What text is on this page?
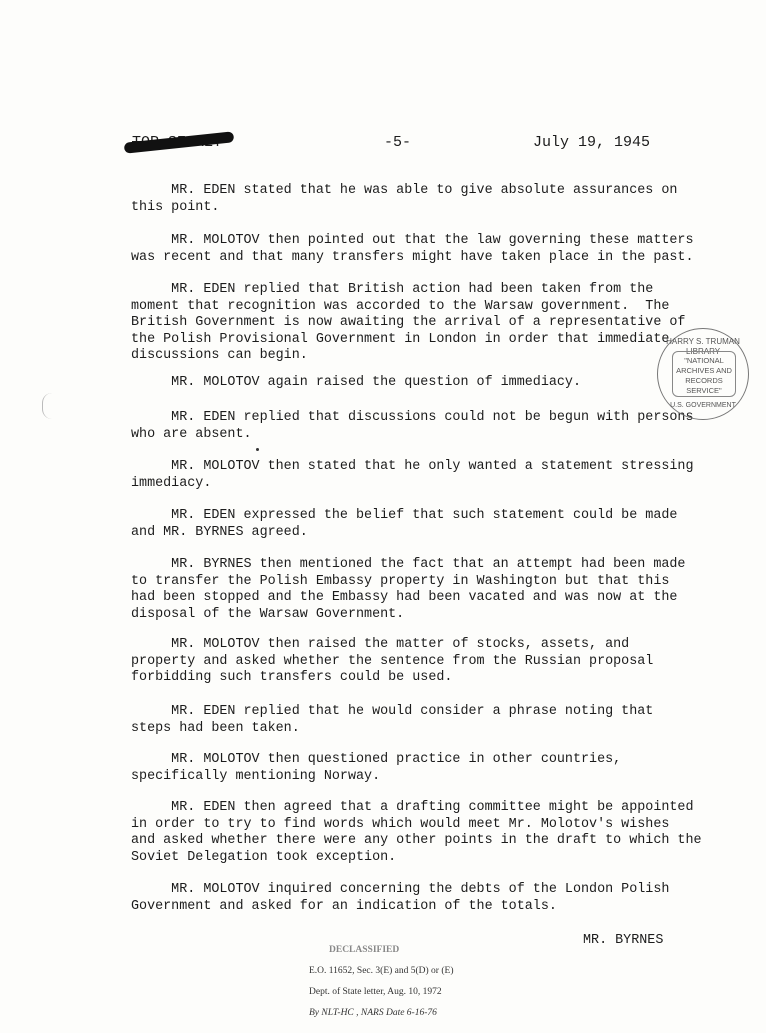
-5-	July 19, 1945
MR. EDEN stated that he was able to give absolute assurances on
this point.
MR. MOLOTOV then pointed out that the law governing these matters
was recent and that many transfers might have taken place in the past.
MR. EDEN replied that British action had been taken from the
moment that recognition was accorded to the Warsaw government.  The
British Government is now awaiting the arrival of a representative of
the Polish Provisional Government in London in order that immediate
discussions can begin.
MR. MOLOTOV again raised the question of immediacy.
MR. EDEN replied that discussions could not be begun with persons
who are absent.
MR. MOLOTOV then stated that he only wanted a statement stressing
immediacy.
MR. EDEN expressed the belief that such statement could be made
and MR. BYRNES agreed.
MR. BYRNES then mentioned the fact that an attempt had been made
to transfer the Polish Embassy property in Washington but that this
had been stopped and the Embassy had been vacated and was now at the
disposal of the Warsaw Government.
MR. MOLOTOV then raised the matter of stocks, assets, and
property and asked whether the sentence from the Russian proposal
forbidding such transfers could be used.
MR. EDEN replied that he would consider a phrase noting that
steps had been taken.
MR. MOLOTOV then questioned practice in other countries,
specifically mentioning Norway.
MR. EDEN then agreed that a drafting committee might be appointed
in order to try to find words which would meet Mr. Molotov's wishes
and asked whether there were any other points in the draft to which the
Soviet Delegation took exception.
MR. MOLOTOV inquired concerning the debts of the London Polish
Government and asked for an indication of the totals.
MR. BYRNES
HARRY S. TRUMAN LIBRARY
"NATIONAL ARCHIVES AND RECORDS SERVICE"
U.S. GOVERNMENT
DECLASSIFIED
E.O. 11652, Sec. 3(E) and 5(D) or (E)
Dept. of State letter, Aug. 10, 1972
By NLT-HC , NARS Date 6-16-76
